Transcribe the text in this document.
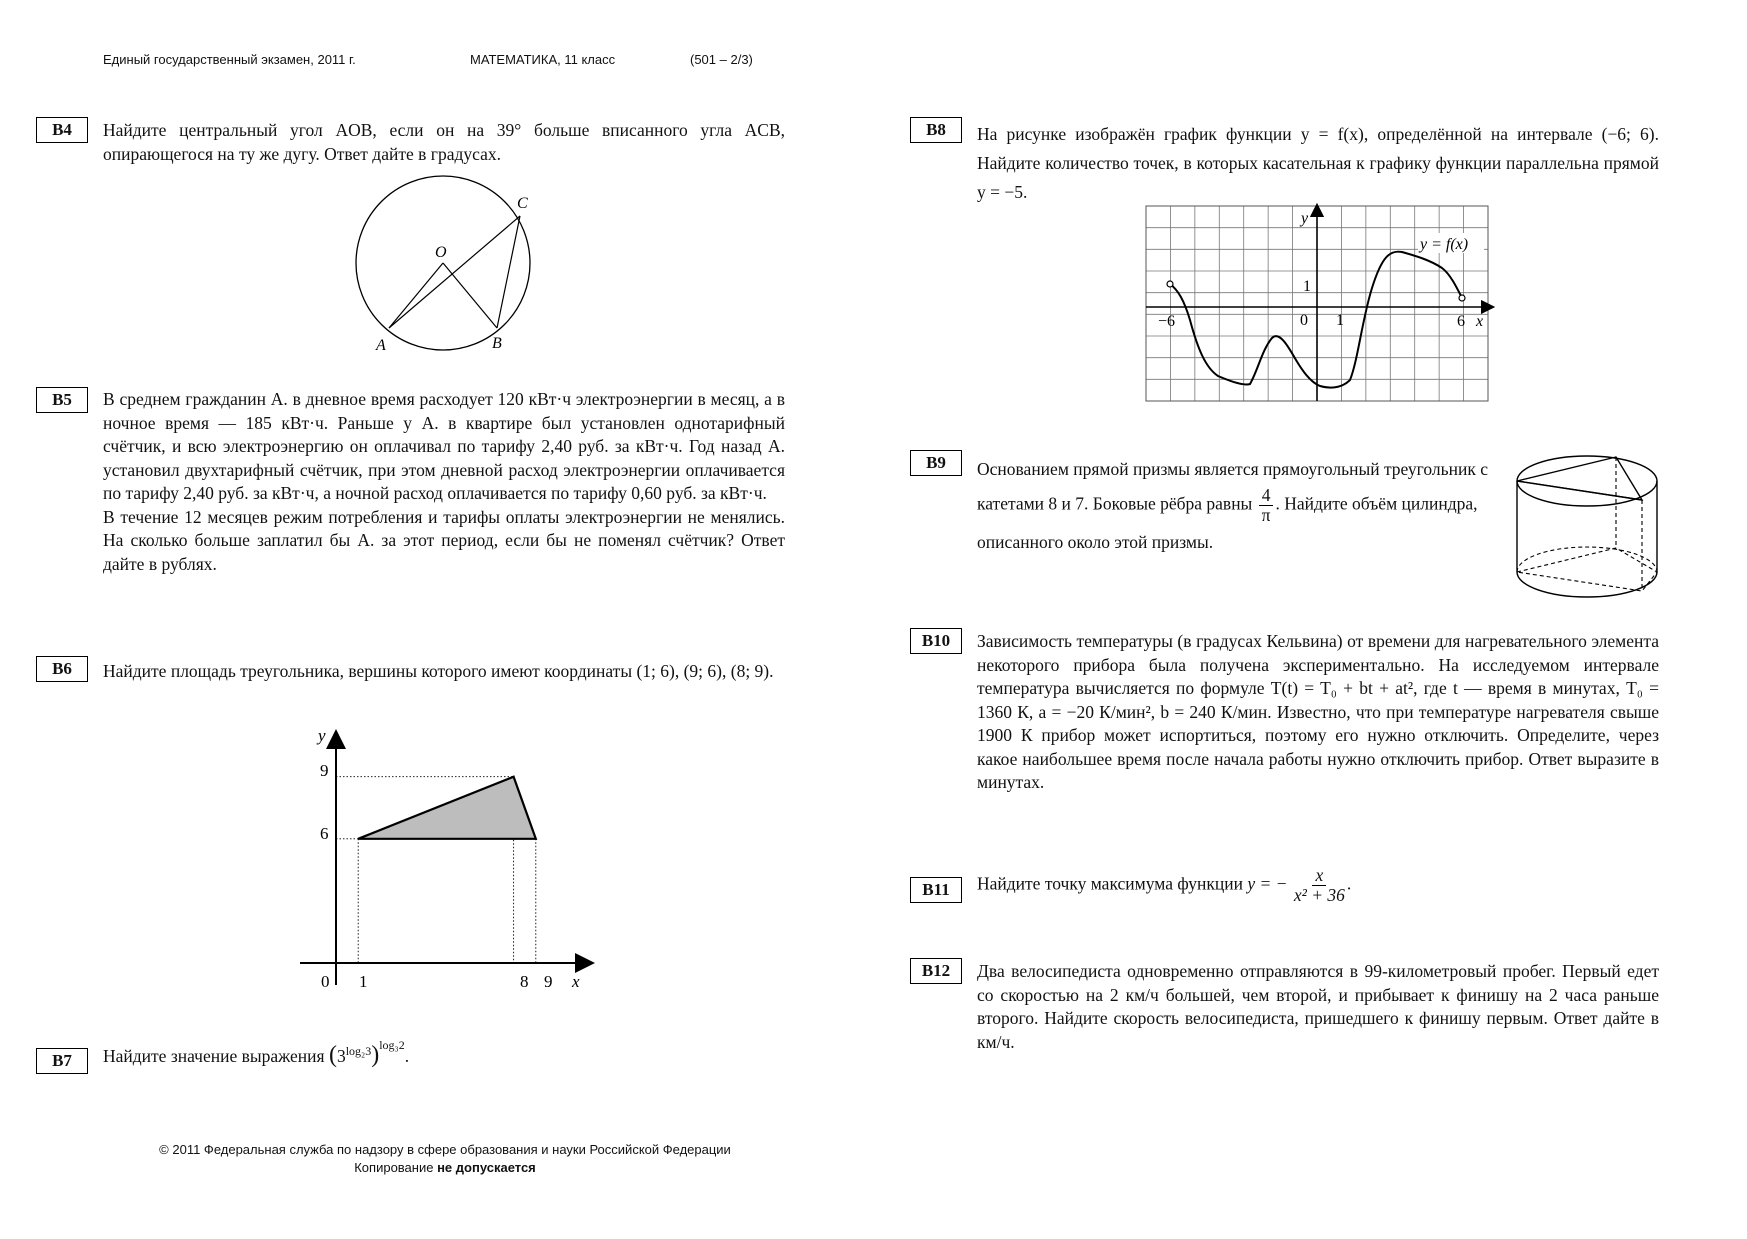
Единый государственный экзамен, 2011 г.	МАТЕМАТИКА, 11 класс	(501 – 2/3)
B4	Найдите центральный угол AOB, если он на 39° больше вписанного угла ACB, опирающегося на ту же дугу. Ответ дайте в градусах.
O
A	B
C
B5	В среднем гражданин А. в дневное время расходует 120 кВт·ч электроэнергии в месяц, а в ночное время — 185 кВт·ч. Раньше у А. в квартире был установлен однотарифный счётчик, и всю электроэнергию он оплачивал по тарифу 2,40 руб. за кВт·ч. Год назад А. установил двухтарифный счётчик, при этом дневной расход электроэнергии оплачивается по тарифу 2,40 руб. за кВт·ч, а ночной расход оплачивается по тарифу 0,60 руб. за кВт·ч.

В течение 12 месяцев режим потребления и тарифы оплаты электроэнергии не менялись. На сколько больше заплатил бы А. за этот период, если бы не поменял счётчик? Ответ дайте в рублях.

B6	Найдите площадь треугольника, вершины которого имеют координаты (1; 6), (9; 6), (8; 9).
y
x
0
9
6
1	8 9
B7	Найдите значение выражения $(3^{log_23})^{log_32}$.
B8	На рисунке изображён график функции y = f(x), определённой на интервале (−6; 6). Найдите количество точек, в которых касательная к графику функции параллельна прямой y = −5.
y
y = f(x)
1
0 1
−6	6 x
B9	Основанием прямой призмы является прямоугольный треугольник с катетами 8 и 7. Боковые рёбра равны $\frac{4}{\pi}$ . Найдите объём цилиндра, описанного около этой призмы.
B10	Зависимость температуры (в градусах Кельвина) от времени для нагревательного элемента некоторого прибора была получена экспериментально. На исследуемом интервале температура вычисляется по формуле T(t) = T₀ + bt + at², где t — время в минутах, T₀ = 1360 К, a = −20 К/мин², b = 240 К/мин. Известно, что при температуре нагревателя свыше 1900 К прибор может испортиться, поэтому его нужно отключить. Определите, через какое наибольшее время после начала работы нужно отключить прибор. Ответ выразите в минутах.
B11	Найдите точку максимума функции y = − $\frac{x}{\text{x² + 36}}$ .
B12	Два велосипедиста одновременно отправляются в 99-километровый пробег. Первый едет со скоростью на 2 км/ч большей, чем второй, и прибывает к финишу на 2 часа раньше второго. Найдите скорость велосипедиста, пришедшего к финишу первым. Ответ дайте в км/ч.
© 2011 Федеральная служба по надзору в сфере образования и науки Российской Федерации
Копирование не допускается
